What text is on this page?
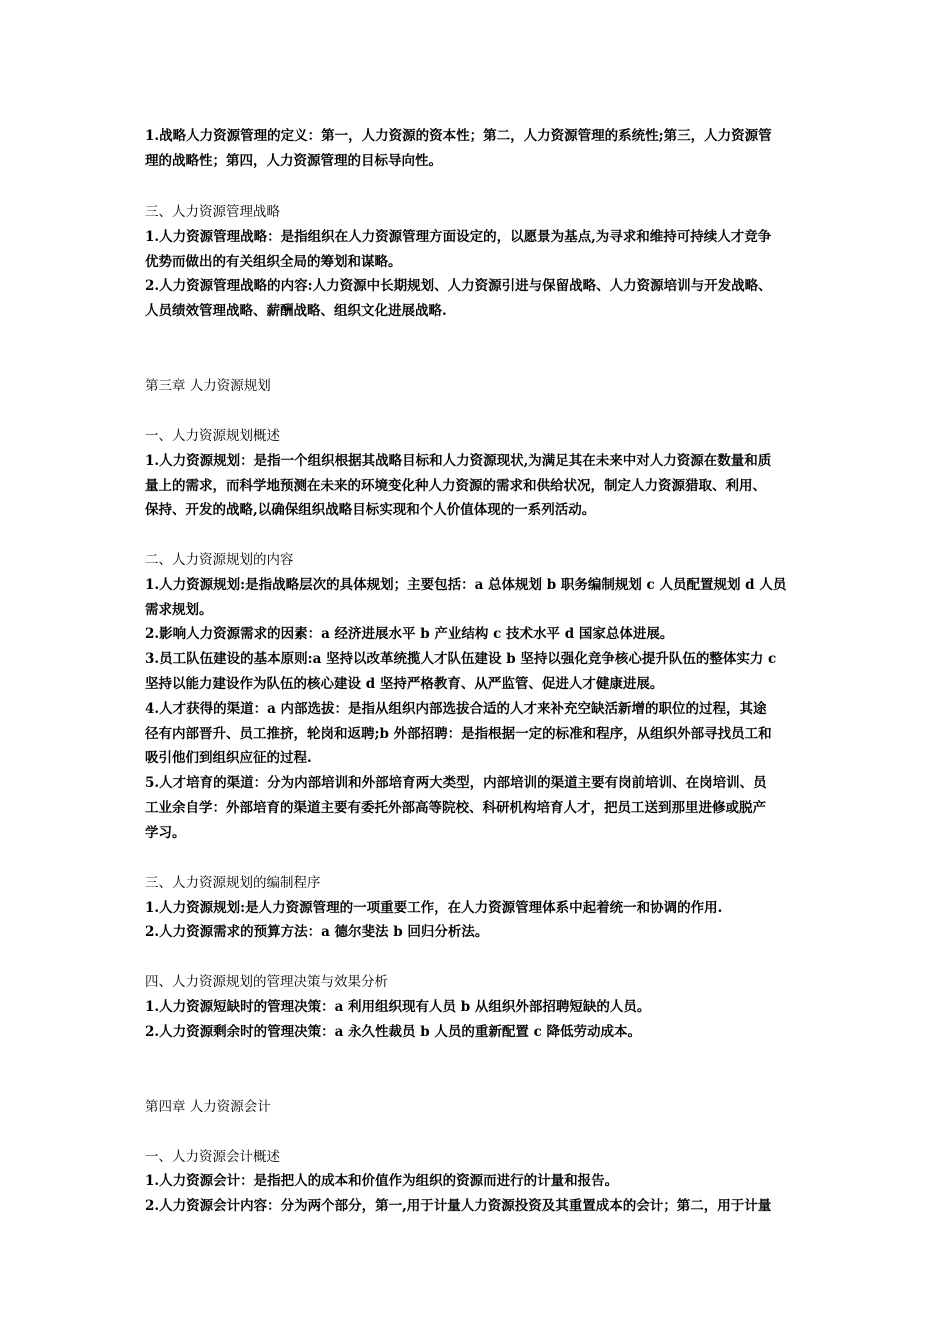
1.战略人力资源管理的定义：第一，人力资源的资本性；第二，人力资源管理的系统性;第三，人力资源管
理的战略性；第四，人力资源管理的目标导向性。
三、人力资源管理战略
1.人力资源管理战略：是指组织在人力资源管理方面设定的，以愿景为基点,为寻求和维持可持续人才竞争
优势而做出的有关组织全局的筹划和谋略。
2.人力资源管理战略的内容:人力资源中长期规划、人力资源引进与保留战略、人力资源培训与开发战略、
人员绩效管理战略、薪酬战略、组织文化进展战略.
第三章 人力资源规划
一、人力资源规划概述
1.人力资源规划：是指一个组织根据其战略目标和人力资源现状,为满足其在未来中对人力资源在数量和质
量上的需求，而科学地预测在未来的环境变化种人力资源的需求和供给状况，制定人力资源猎取、利用、
保持、开发的战略,以确保组织战略目标实现和个人价值体现的一系列活动。
二、人力资源规划的内容
1.人力资源规划:是指战略层次的具体规划；主要包括：a 总体规划 b 职务编制规划 c 人员配置规划 d 人员
需求规划。
2.影响人力资源需求的因素：a 经济进展水平 b 产业结构 c 技术水平 d 国家总体进展。
3.员工队伍建设的基本原则:a 坚持以改革统揽人才队伍建设 b 坚持以强化竞争核心提升队伍的整体实力 c
坚持以能力建设作为队伍的核心建设 d 坚持严格教育、从严监管、促进人才健康进展。
4.人才获得的渠道：a 内部选拔：是指从组织内部选拔合适的人才来补充空缺活新增的职位的过程，其途
径有内部晋升、员工推挤，轮岗和返聘;b 外部招聘：是指根据一定的标准和程序，从组织外部寻找员工和
吸引他们到组织应征的过程.
5.人才培育的渠道：分为内部培训和外部培育两大类型，内部培训的渠道主要有岗前培训、在岗培训、员
工业余自学：外部培育的渠道主要有委托外部高等院校、科研机构培育人才，把员工送到那里进修或脱产
学习。
三、人力资源规划的编制程序
1.人力资源规划:是人力资源管理的一项重要工作，在人力资源管理体系中起着统一和协调的作用.
2.人力资源需求的预算方法：a 德尔斐法 b 回归分析法。
四、人力资源规划的管理决策与效果分析
1.人力资源短缺时的管理决策：a 利用组织现有人员 b 从组织外部招聘短缺的人员。
2.人力资源剩余时的管理决策：a 永久性裁员 b 人员的重新配置 c 降低劳动成本。
第四章 人力资源会计
一、人力资源会计概述
1.人力资源会计：是指把人的成本和价值作为组织的资源而进行的计量和报告。
2.人力资源会计内容：分为两个部分，第一,用于计量人力资源投资及其重置成本的会计；第二，用于计量
